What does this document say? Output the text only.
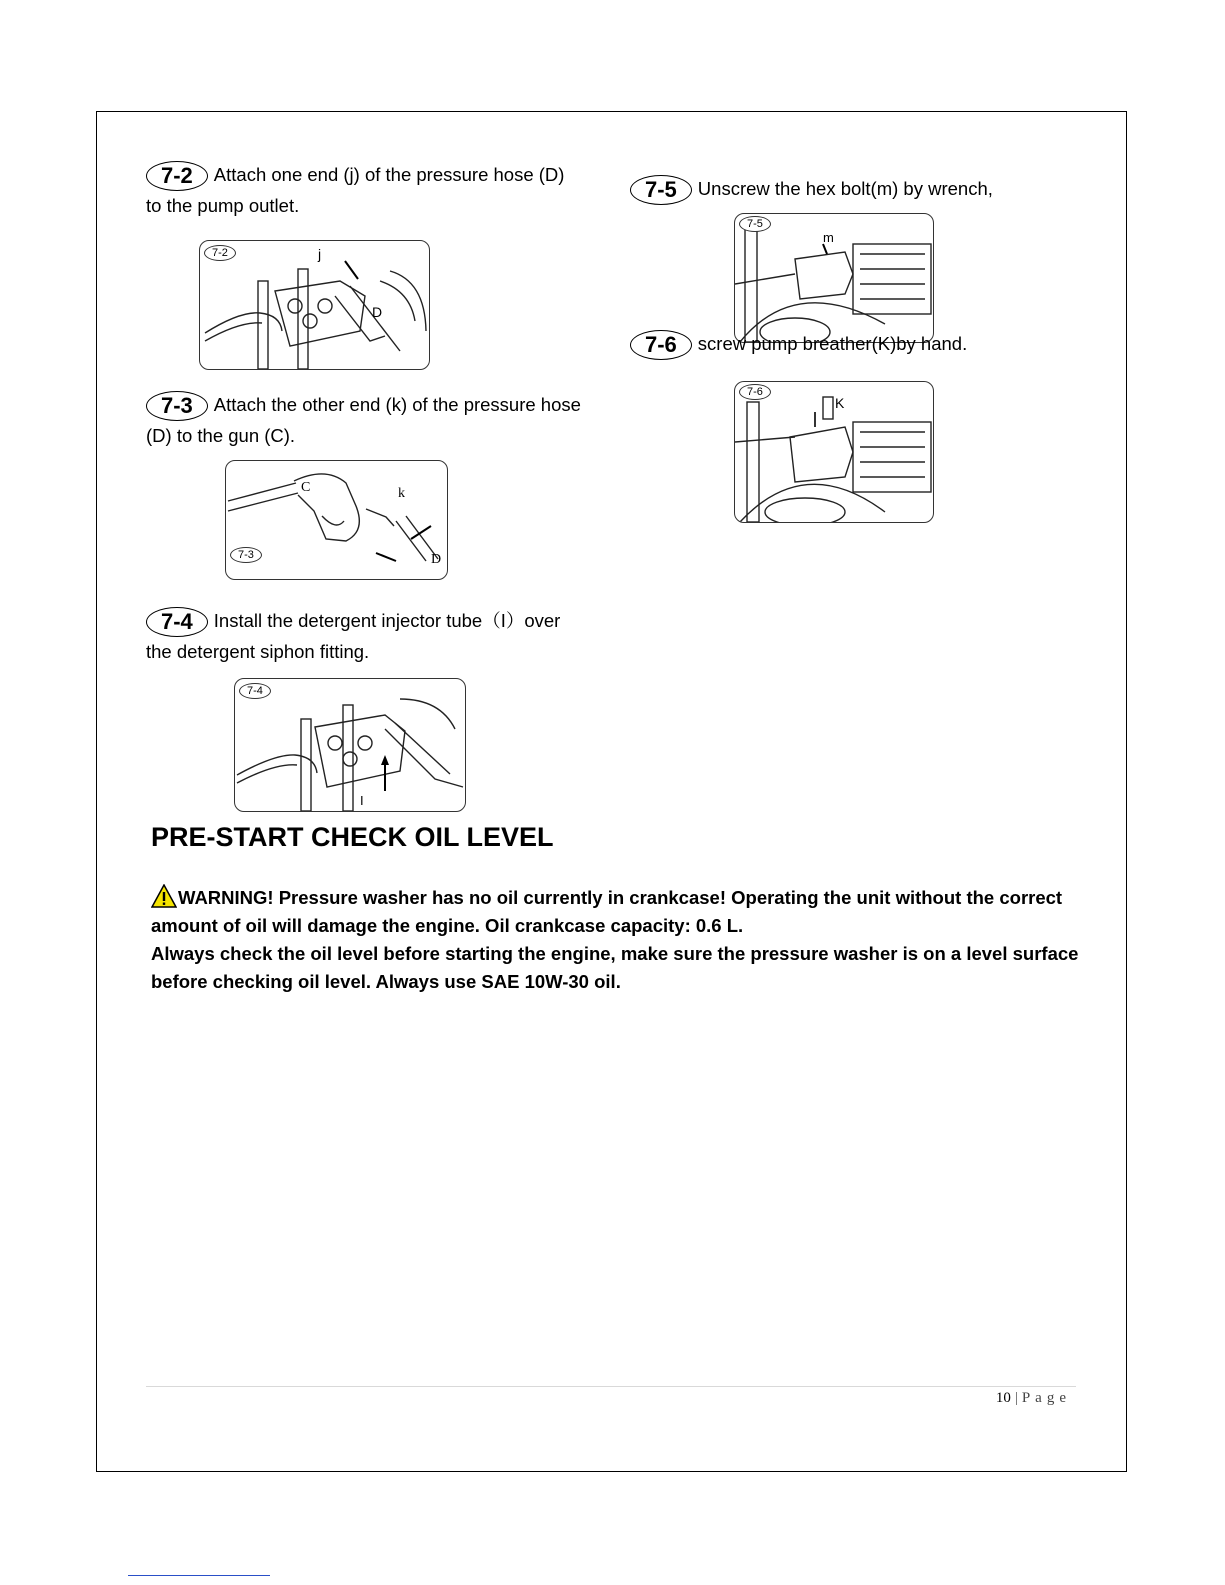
7-2 Attach one end (j) of the pressure hose (D) to the pump outlet.
j
D
7-2
7-3 Attach the other end (k) of the pressure hose (D) to the gun (C).
C	k
D
7-3
7-4 Install the detergent injector tube（I）over the detergent siphon fitting.
I
7-4
7-5 Unscrew the hex bolt(m) by wrench,
m
7-5
7-6 screw pump breather(K)by hand.
K
7-6
PRE-START CHECK OIL LEVEL
WARNING! Pressure washer has no oil currently in crankcase! Operating the unit without the correct amount of oil will damage the engine. Oil crankcase capacity: 0.6 L.
Always check the oil level before starting the engine, make sure the pressure washer is on a level surface before checking oil level. Always use SAE 10W-30 oil.
10 | Page
